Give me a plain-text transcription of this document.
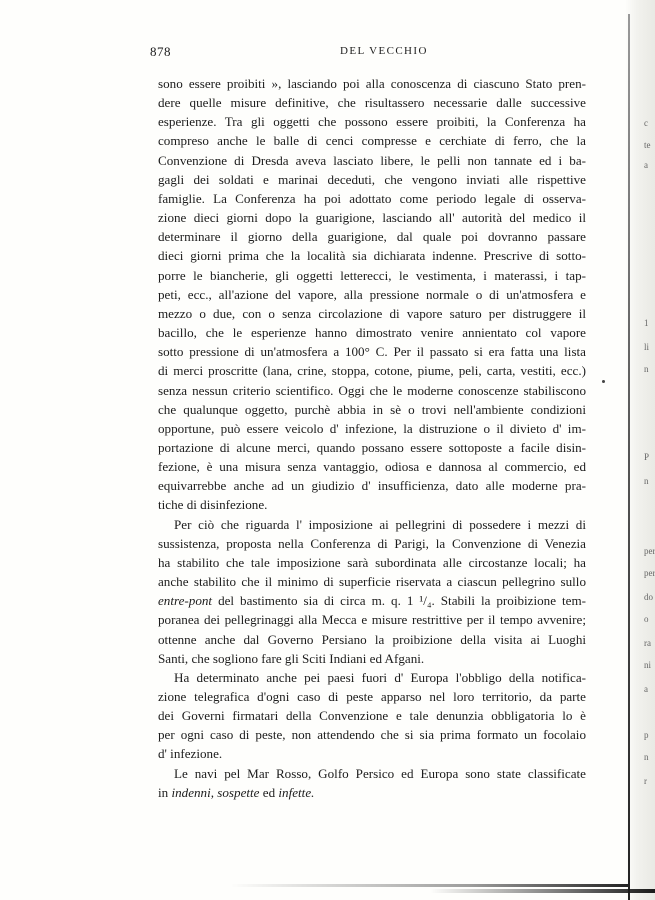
878	DEL VECCHIO

sono essere proibiti », lasciando poi alla conoscenza di ciascuno Stato pren-
dere quelle misure definitive, che risultassero necessarie dalle successive
esperienze. Tra gli oggetti che possono essere proibiti, la Conferenza ha
compreso anche le balle di cenci compresse e cerchiate di ferro, che la
Convenzione di Dresda aveva lasciato libere, le pelli non tannate ed i ba-
gagli dei soldati e marinai deceduti, che vengono inviati alle rispettive
famiglie. La Conferenza ha poi adottato come periodo legale di osserva-
zione dieci giorni dopo la guarigione, lasciando all' autorità del medico il
determinare il giorno della guarigione, dal quale poi dovranno passare
dieci giorni prima che la località sia dichiarata indenne. Prescrive di sotto-
porre le biancherie, gli oggetti letterecci, le vestimenta, i materassi, i tap-
peti, ecc., all'azione del vapore, alla pressione normale o di un'atmosfera e
mezzo o due, con o senza circolazione di vapore saturo per distruggere il
bacillo, che le esperienze hanno dimostrato venire annientato col vapore
sotto pressione di un'atmosfera a 100° C. Per il passato si era fatta una lista
di merci proscritte (lana, crine, stoppa, cotone, piume, peli, carta, vestiti, ecc.)
senza nessun criterio scientifico. Oggi che le moderne conoscenze stabiliscono
che qualunque oggetto, purchè abbia in sè o trovi nell'ambiente condizioni
opportune, può essere veicolo d' infezione, la distruzione o il divieto d' im-
portazione di alcune merci, quando possano essere sottoposte a facile disin-
fezione, è una misura senza vantaggio, odiosa e dannosa al commercio, ed
equivarrebbe anche ad un giudizio d' insufficienza, dato alle moderne pra-
tiche di disinfezione.

Per ciò che riguarda l' imposizione ai pellegrini di possedere i mezzi di
sussistenza, proposta nella Conferenza di Parigi, la Convenzione di Venezia
ha stabilito che tale imposizione sarà subordinata alle circostanze locali; ha
anche stabilito che il minimo di superficie riservata a ciascun pellegrino sullo
entre-pont del bastimento sia di circa m. q. 1 ¹/₄. Stabili la proibizione tem-
poranea dei pellegrinaggi alla Mecca e misure restrittive per il tempo avvenire;
ottenne anche dal Governo Persiano la proibizione della visita ai Luoghi
Santi, che sogliono fare gli Sciti Indiani ed Afgani.

Ha determinato anche pei paesi fuori d' Europa l'obbligo della notifica-
zione telegrafica d'ogni caso di peste apparso nel loro territorio, da parte
dei Governi firmatari della Convenzione e tale denunzia obbligatoria lo è
per ogni caso di peste, non attendendo che si sia prima formato un focolaio
d' infezione.

Le navi pel Mar Rosso, Golfo Persico ed Europa sono state classificate
in indenni, sospette ed infette.

c
te
a
1
li
n
P
n
per
per
do
o
ra
ni
a
p
n
r
